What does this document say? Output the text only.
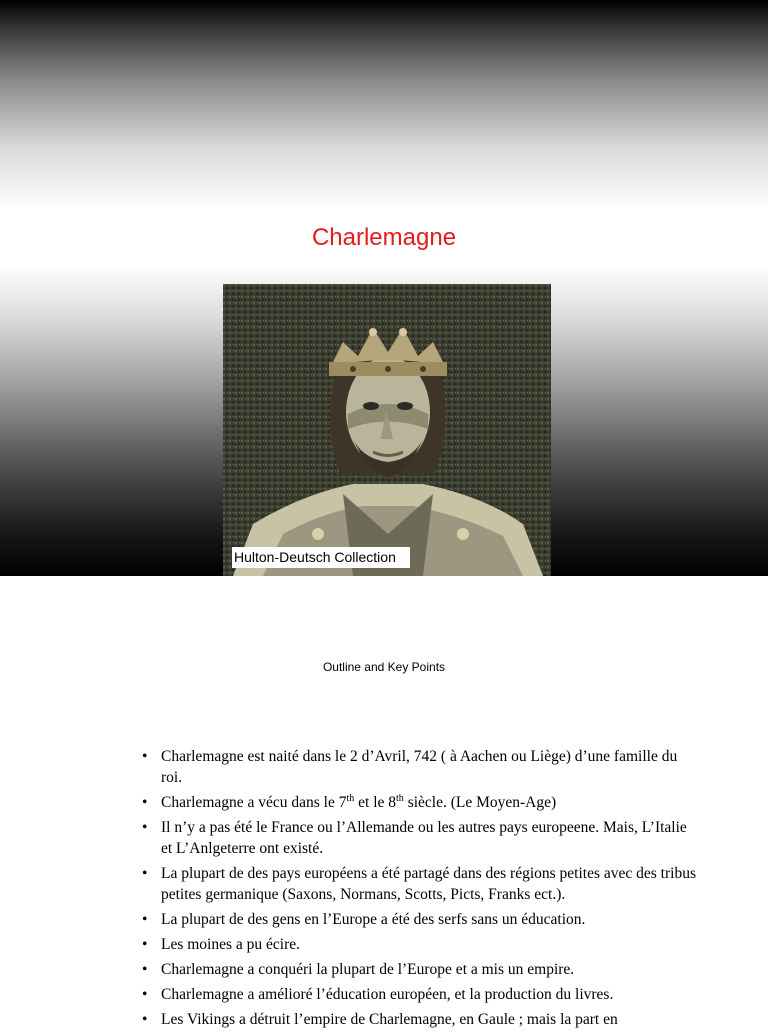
Charlemagne
Hulton-Deutsch Collection
Outline and Key Points
• Charlemagne est naité dans le 2 d’Avril, 742 ( à Aachen ou Liège) d’une famille du roi.
• Charlemagne a vécu dans le 7th et le 8th siècle. (Le Moyen-Age)
• Il n’y a pas été le France ou l’Allemande ou les autres pays europeene. Mais, L’Italie et L’Anlgeterre ont existé.
• La plupart de des pays européens a été partagé dans des régions petites avec des tribus petites germanique (Saxons, Normans, Scotts, Picts, Franks ect.).
• La plupart de des gens en l’Europe a été des serfs sans un éducation.
• Les moines a pu écire.
• Charlemagne a conquéri la plupart de l’Europe et a mis un empire.
• Charlemagne a amélioré l’éducation européen, et la production du livres.
• Les Vikings a détruit l’empire de Charlemagne, en Gaule ; mais la part en
